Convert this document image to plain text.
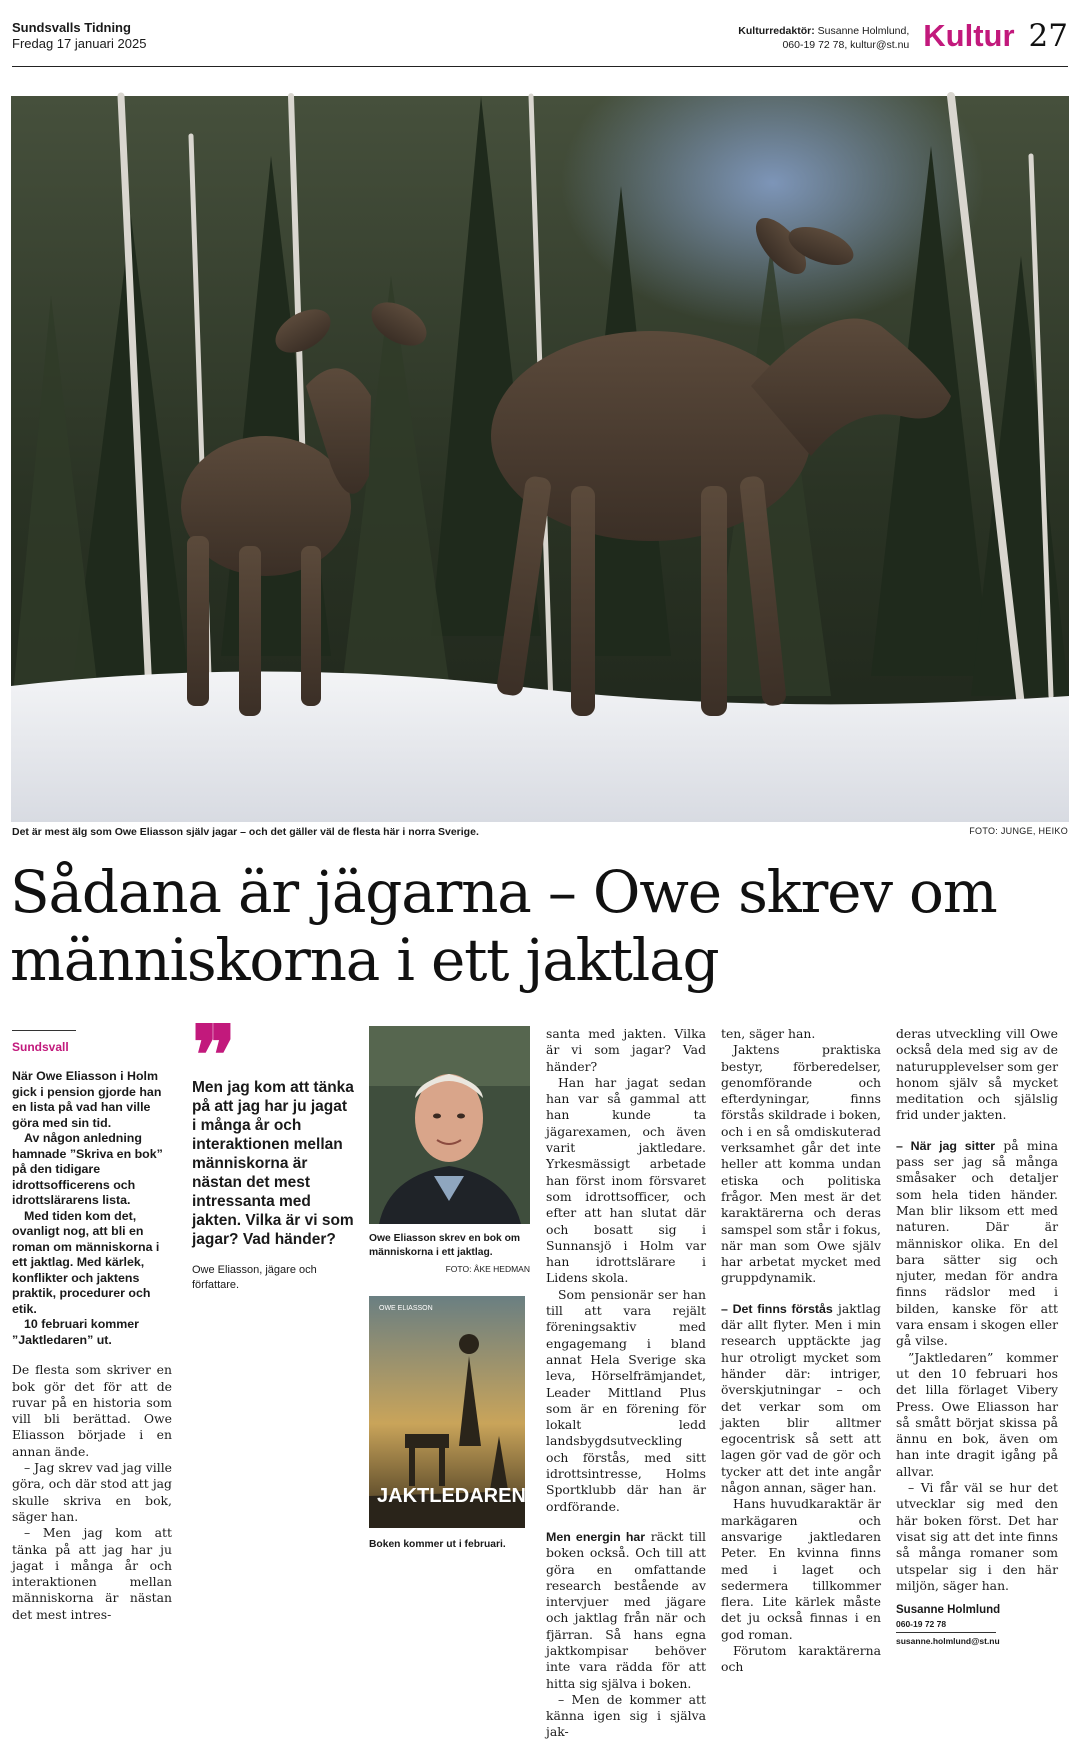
Sundsvalls Tidning
Fredag 17 januari 2025
Kulturredaktör: Susanne Holmlund,
060-19 72 78, kultur@st.nu Kultur 27
Det är mest älg som Owe Eliasson själv jagar – och det gäller väl de flesta här i norra Sverige.	FOTO: JUNGE, HEIKO
Sådana är jägarna – Owe skrev om människorna i ett jaktlag
Sundsvall

När Owe Eliasson i Holm gick i pension gjorde han en lista på vad han ville göra med sin tid.

Av någon anledning hamnade ”Skriva en bok” på den tidigare idrottsofficerens och idrottslärarens lista.

Med tiden kom det, ovanligt nog, att bli en roman om människorna i ett jaktlag. Med kärlek, konflikter och jaktens praktik, procedurer och etik.

10 februari kommer ”Jaktledaren” ut.

De flesta som skriver en bok gör det för att de ruvar på en historia som vill bli berättad. Owe Eliasson började i en annan ände.

– Jag skrev vad jag ville göra, och där stod att jag skulle skriva en bok, säger han.

– Men jag kom att tänka på att jag har ju jagat i många år och interaktionen mellan människorna är nästan det mest intres-

❞

Men jag kom att tänka på att jag har ju jagat i många år och interaktionen mellan människorna är nästan det mest intressanta med jakten. Vilka är vi som jagar? Vad händer?

Owe Eliasson, jägare och författare.

Owe Eliasson skrev en bok om människorna i ett jaktlag.
FOTO: ÅKE HEDMAN
OWE ELIASSON
JAKTLEDAREN
Boken kommer ut i februari.

santa med jakten. Vilka är vi som jagar? Vad händer?

Han har jagat sedan han var så gammal att han kunde ta jägarexamen, och även varit jaktledare. Yrkesmässigt arbetade han först inom försvaret som idrottsofficer, och efter att han slutat där och bosatt sig i Sunnansjö i Holm var han idrottslärare i Lidens skola.

Som pensionär ser han till att vara rejält föreningsaktiv med engagemang i bland annat Hela Sverige ska leva, Hörselfrämjandet, Leader Mittland Plus som är en förening för lokalt ledd landsbygdsutveckling och förstås, med sitt idrottsintresse, Holms Sportklubb där han är ordförande.

Men energin har räckt till boken också. Och till att göra en omfattande research bestående av intervjuer med jägare och jaktlag från när och fjärran. Så hans egna jaktkompisar behöver inte vara rädda för att hitta sig själva i boken.

– Men de kommer att känna igen sig i själva jak-

ten, säger han.

Jaktens praktiska bestyr, förberedelser, genomförande och efterdyningar, finns förstås skildrade i boken, och i en så omdiskuterad verksamhet går det inte heller att komma undan etiska och politiska frågor. Men mest är det karaktärerna och deras samspel som står i fokus, när man som Owe själv har arbetat mycket med gruppdynamik.

– Det finns förstås jaktlag där allt flyter. Men i min research upptäckte jag hur otroligt mycket som händer där: intriger, överskjutningar – och det verkar som om jakten blir alltmer egocentrisk så sett att lagen gör vad de gör och tycker att det inte angår någon annan, säger han.

Hans huvudkaraktär är markägaren och ansvarige jaktledaren Peter. En kvinna finns med i laget och sedermera tillkommer flera. Lite kärlek måste det ju också finnas i en god roman.

Förutom karaktärerna och

deras utveckling vill Owe också dela med sig av de naturupplevelser som ger honom själv så mycket meditation och själslig frid under jakten.

– När jag sitter på mina pass ser jag så många småsaker och detaljer som hela tiden händer. Man blir liksom ett med naturen. Där är människor olika. En del bara sätter sig och njuter, medan för andra finns rädslor med i bilden, kanske för att vara ensam i skogen eller gå vilse.

”Jaktledaren” kommer ut den 10 februari hos det lilla förlaget Vibery Press. Owe Eliasson har så smått börjat skissa på ännu en bok, även om han inte dragit igång på allvar.

– Vi får väl se hur det utvecklar sig med den här boken först. Det har visat sig att det inte finns så många romaner som utspelar sig i den här miljön, säger han.

Susanne Holmlund
060-19 72 78
susanne.holmlund@st.nu
